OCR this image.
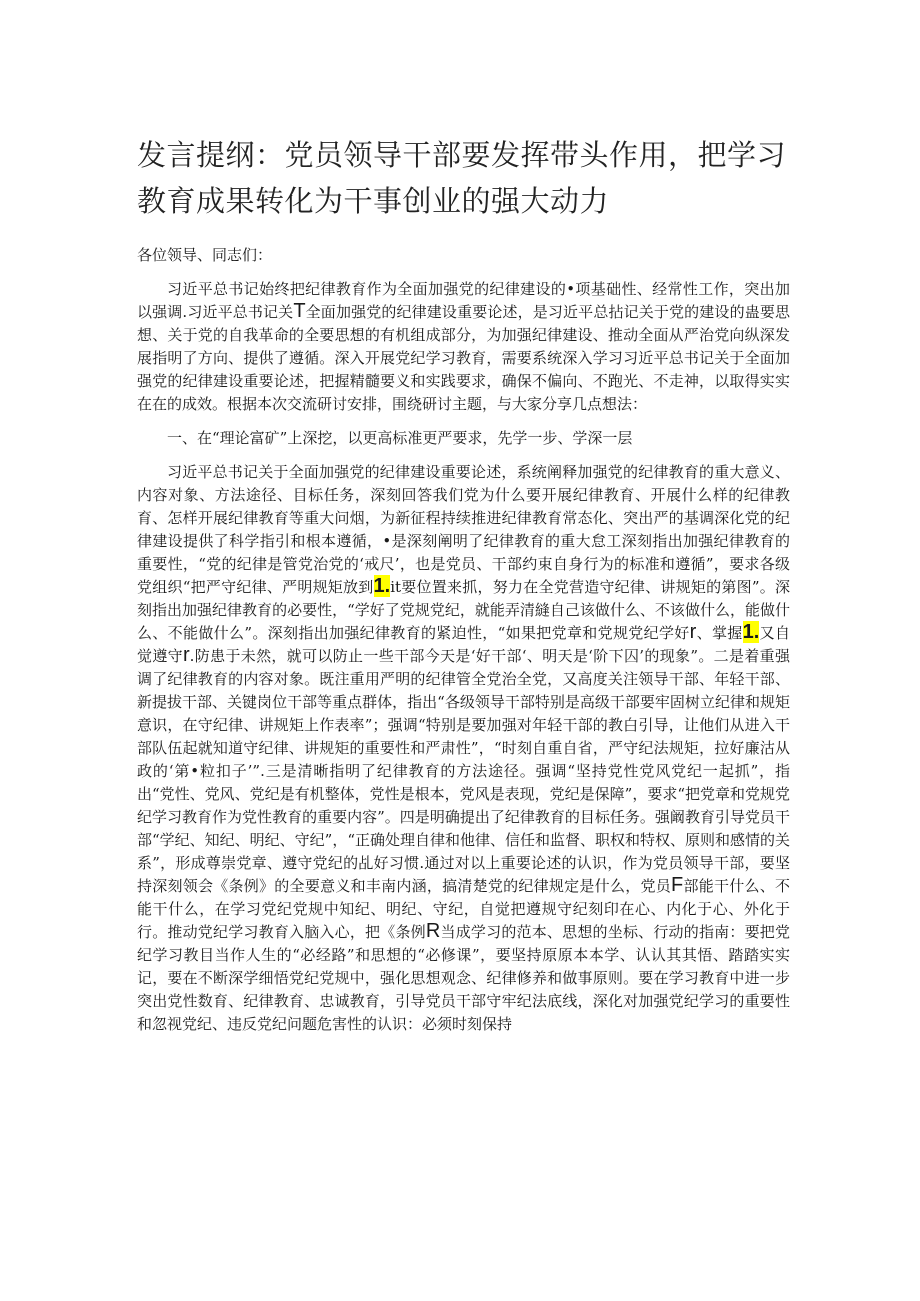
发言提纲：党员领导干部要发挥带头作用，把学习教育成果转化为干事创业的强大动力

各位领导、同志们：

习近平总书记始终把纪律教育作为全面加强党的纪律建设的•项基础性、经常性工作，突出加以强调.习近平总书记关T全面加强党的纪律建设重要论述，是习近平总拈记关于党的建设的蛊要思想、关于党的自我革命的全要思想的有机组成部分，为加强纪律建设、推动全面从严治党向纵深发展指明了方向、提供了遵循。深入开展党纪学习教育，需要系统深入学习习近平总书记关于全面加强党的纪律建设重要论述，把握精髓要义和实践要求，确保不偏向、不跑光、不走神，以取得实实在在的成效。根据本次交流研讨安排，围绕研讨主题，与大家分享几点想法：

一、在“理论富矿”上深挖，以更高标准更严要求，先学一步、学深一层

习近平总书记关于全面加强党的纪律建设重要论述，系统阐释加强党的纪律教育的重大意义、内容对象、方法途径、目标任务，深刻回答我们党为什么要开展纪律教育、开展什么样的纪律教育、怎样开展纪律教育等重大问烟，为新征程持续推进纪律教育常态化、突出严的基调深化党的纪律建设提供了科学指引和根本遵循，•是深刻阐明了纪律教育的重大怠工深刻指出加强纪律教育的重要性，“党的纪律是管党治党的‘戒尺’，也是党员、干部约束自身行为的标准和遵循”，要求各级党组织“把严守纪律、严明规矩放到1.it要位置来抓，努力在全党营造守纪律、讲规矩的第图”。深刻指出加强纪律教育的必要性，“学好了党规党纪，就能弄清縫自己该做什么、不该做什么，能做什么、不能做什么”。深刻指出加强纪律教育的紧迫性，“如果把党章和党规党纪学好r、掌握1.又自觉遵守r.防患于未然，就可以防止一些干部今天是‘好干部‘、明天是‘阶下囚’的现象”。二是着重强调了纪律教育的内容对象。既注重用严明的纪律管全党治全党，又高度关注领导干部、年轻干部、新提拔干部、关键岗位干部等重点群体，指出“各级领导干部特别是高级干部要牢固树立纪律和规矩意识，在守纪律、讲规矩上作表率”；强调“特别是要加强对年轻干部的教白引导，让他们从进入干部队伍起就知道守纪律、讲规矩的重要性和严肃性”，“时刻自重自省，严守纪法规矩，拉好廉沽从政的‘第•粒扣子’”.三是清晰指明了纪律教育的方法途径。强调“坚持党性党风党纪一起抓”，指出“党性、党风、党纪是有机整体，党性是根本，党风是表现，党纪是保障”，要求“把党章和党规党纪学习教育作为党性教育的重要内容”。四是明确提出了纪律教育的目标任务。强阚教育引导党员干部“学纪、知纪、明纪、守纪”，“正确处理自律和他律、信任和监督、职权和特权、原则和感情的关系”，形成尊崇党章、遵守党纪的乩好习惯.通过对以上重要论述的认识，作为党员领导干部，要坚持深刻领会《条例》的全要意义和丰南内涵，搞清楚党的纪律规定是什么，党员F部能干什么、不能干什么，在学习党纪党规中知纪、明纪、守纪，自觉把遵规守纪刻印在心、内化于心、外化于行。推动党纪学习教育入脑入心，把《条例R当成学习的范本、思想的坐标、行动的指南：要把党纪学习教目当作人生的“必经路”和思想的“必修课”，要坚持原原本本学、认认其其悟、踏踏实实记，要在不断深学细悟党纪党规中，强化思想观念、纪律修养和做事原则。要在学习教育中进一步突出党性数育、纪律教育、忠诚教育，引导党员干部守牢纪法底线，深化对加强党纪学习的重要性和忽视党纪、违反党纪问题危害性的认识：必须时刻保持
